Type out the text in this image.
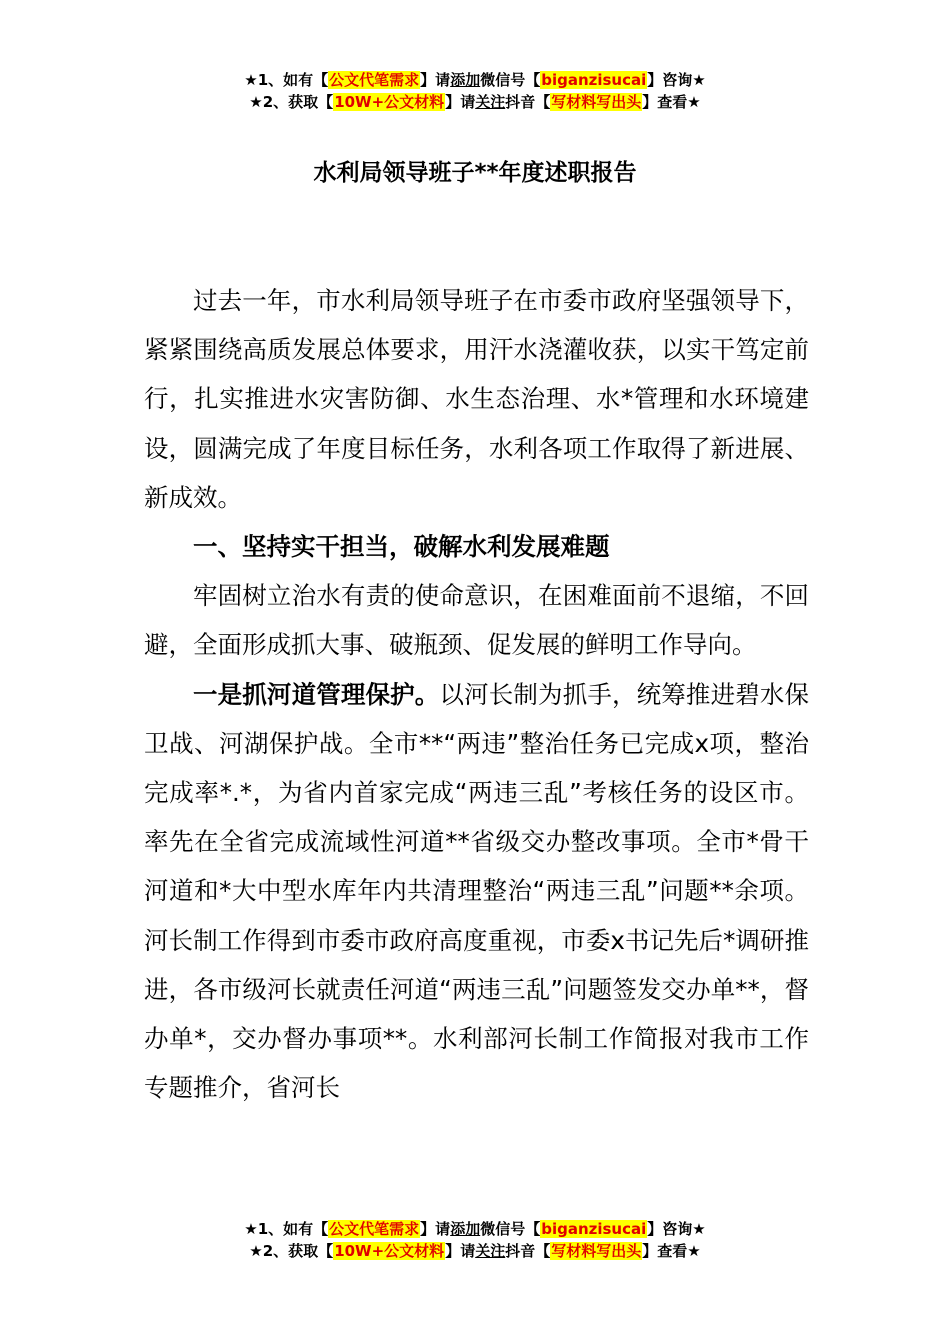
★1、如有【公文代笔需求】请添加微信号【biganzisucai】咨询★
★2、获取【10W+公文材料】请关注抖音【写材料写出头】查看★
水利局领导班子**年度述职报告

过去一年，市水利局领导班子在市委市政府坚强领导下，紧紧围绕高质发展总体要求，用汗水浇灌收获，以实干笃定前行，扎实推进水灾害防御、水生态治理、水*管理和水环境建设，圆满完成了年度目标任务，水利各项工作取得了新进展、新成效。

一、坚持实干担当，破解水利发展难题

牢固树立治水有责的使命意识，在困难面前不退缩，不回避，全面形成抓大事、破瓶颈、促发展的鲜明工作导向。

一是抓河道管理保护。以河长制为抓手，统筹推进碧水保卫战、河湖保护战。全市**“两违”整治任务已完成x项，整治完成率*.*，为省内首家完成“两违三乱”考核任务的设区市。率先在全省完成流域性河道**省级交办整改事项。全市*骨干河道和*大中型水库年内共清理整治“两违三乱”问题**余项。河长制工作得到市委市政府高度重视，市委x书记先后*调研推进，各市级河长就责任河道“两违三乱”问题签发交办单**，督办单*，交办督办事项**。水利部河长制工作简报对我市工作专题推介，省河长

★1、如有【公文代笔需求】请添加微信号【biganzisucai】咨询★
★2、获取【10W+公文材料】请关注抖音【写材料写出头】查看★
